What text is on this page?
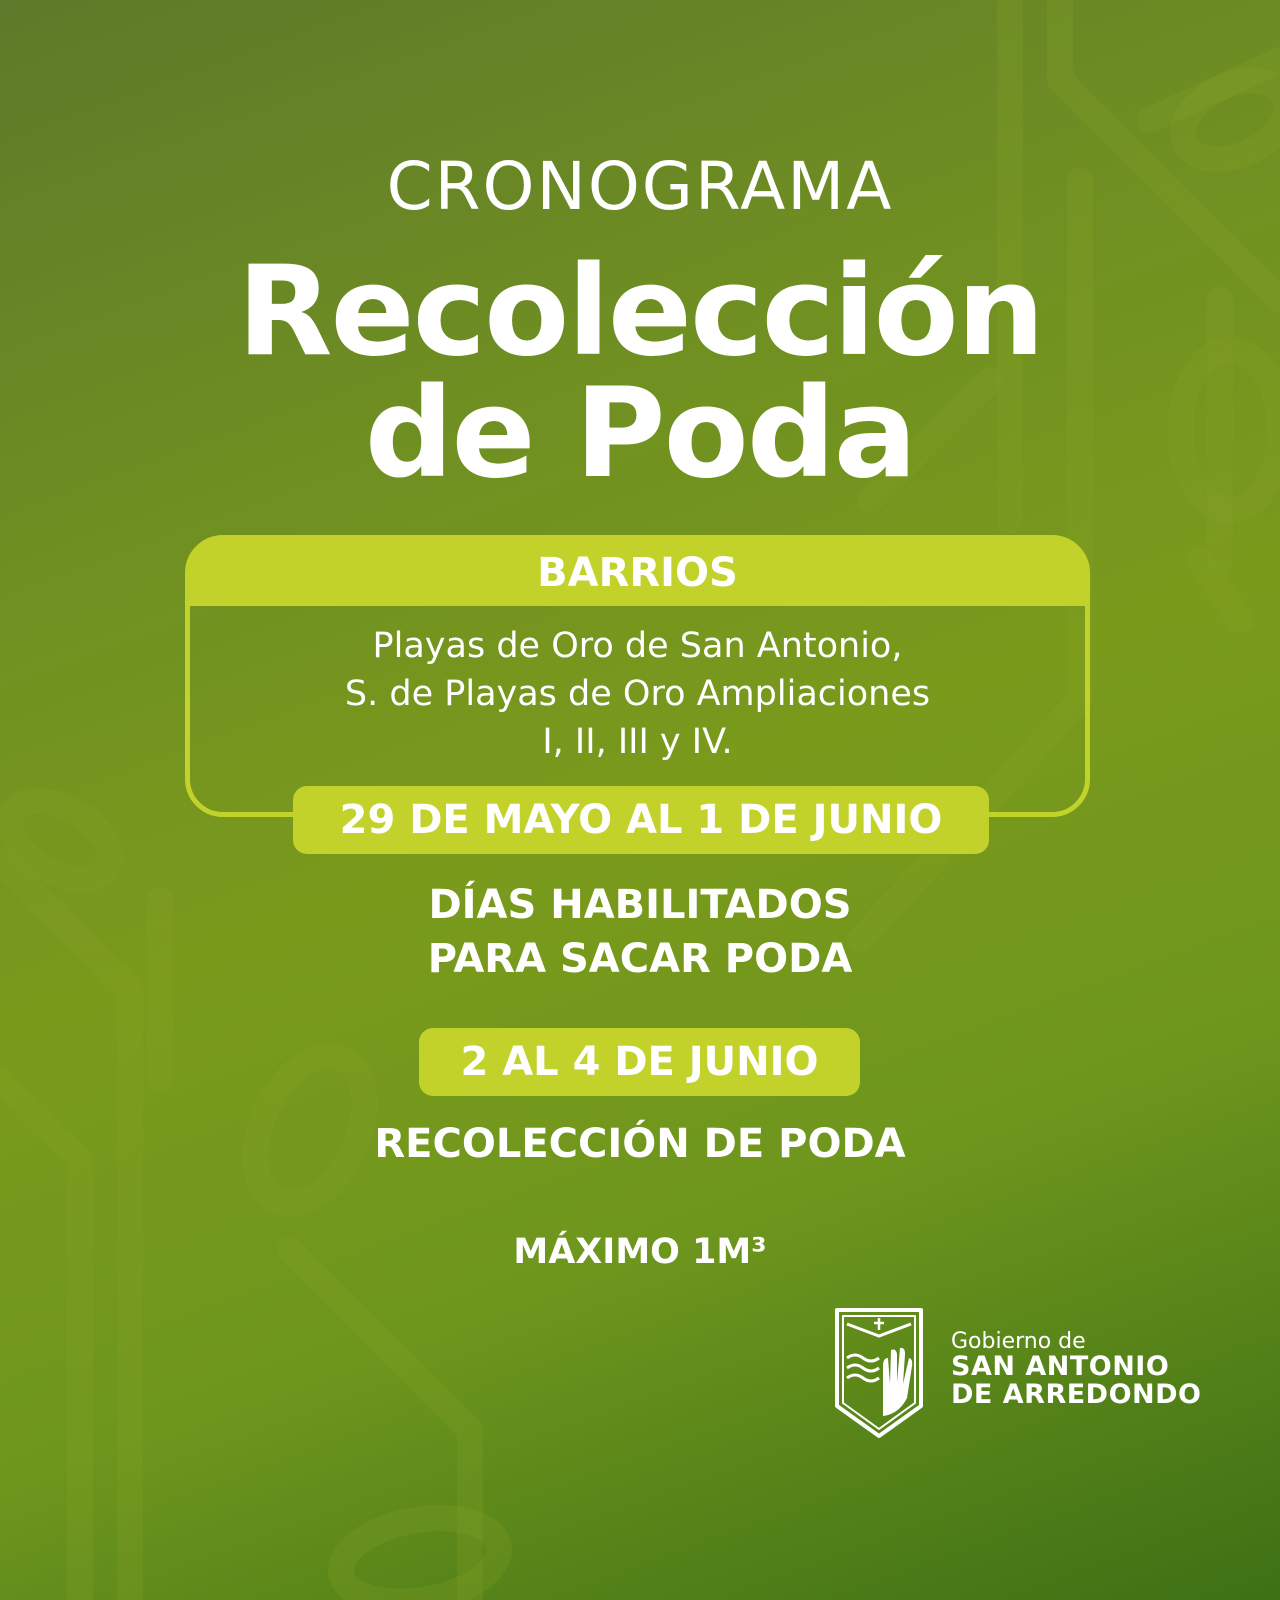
CRONOGRAMA
Recolección
de Poda
BARRIOS
Playas de Oro de San Antonio,
S. de Playas de Oro Ampliaciones
I, II, III y IV.
29 DE MAYO AL 1 DE JUNIO
DÍAS HABILITADOS
PARA SACAR PODA
2 AL 4 DE JUNIO
RECOLECCIÓN DE PODA
MÁXIMO 1M³
Gobierno de
SAN ANTONIO
DE ARREDONDO
